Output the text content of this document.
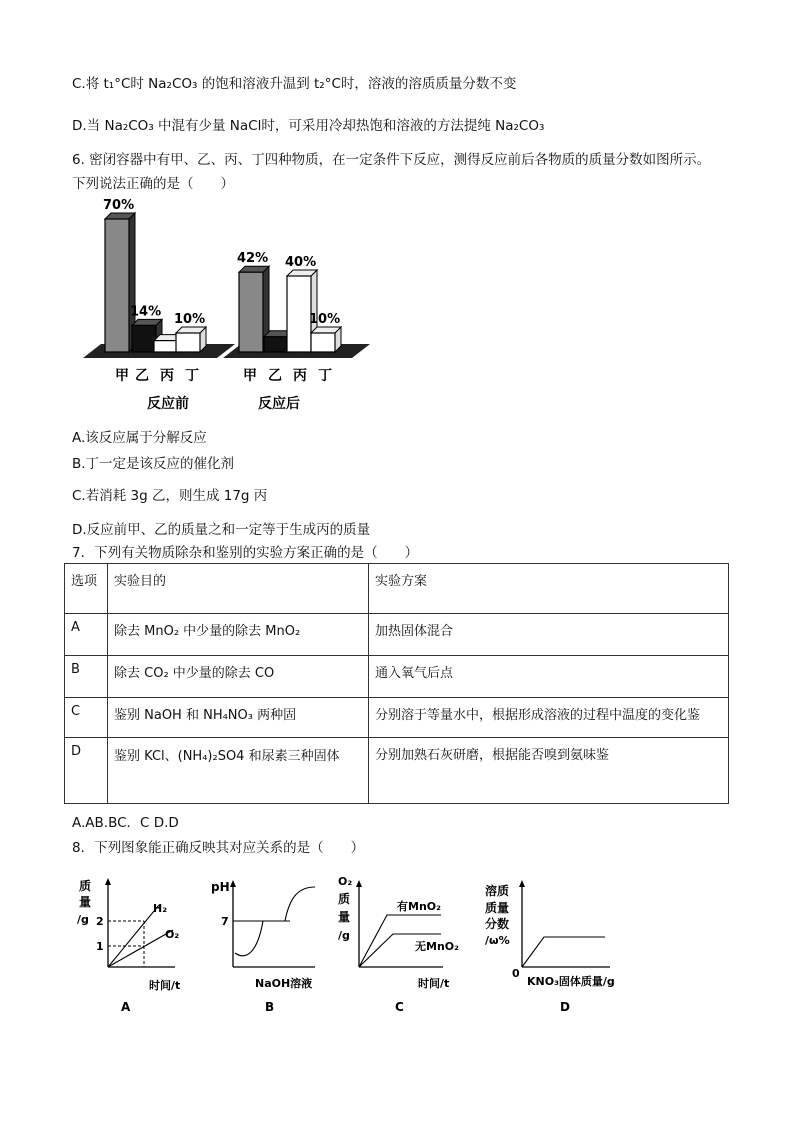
C.将 t₁°C时 Na₂CO₃ 的饱和溶液升温到 t₂°C时，溶液的溶质质量分数不变
D.当 Na₂CO₃ 中混有少量 NaCl时，可采用冷却热饱和溶液的方法提纯 Na₂CO₃
6. 密闭容器中有甲、乙、丙、丁四种物质，在一定条件下反应，测得反应前后各物质的质量分数如图所示。
下列说法正确的是（　　）
70%
14%
10%
42% 40%
10%
甲 乙 丙 丁	甲 乙 丙 丁
反应前	反应后
A.该反应属于分解反应
B.丁一定是该反应的催化剂
C.若消耗 3g 乙，则生成 17g 丙
D.反应前甲、乙的质量之和一定等于生成丙的质量
7．下列有关物质除杂和鉴别的实验方案正确的是（　　）
选项	实验目的	实验方案
A	除去 MnO₂ 中少量的除去 MnO₂	加热固体混合
B	除去 CO₂ 中少量的除去 CO	通入氧气后点
C	鉴别 NaOH 和 NH₄NO₃ 两种固	分别溶于等量水中，根据形成溶液的过程中温度的变化鉴
D	鉴别 KCl、(NH₄)₂SO4 和尿素三种固体	分别加熟石灰研磨，根据能否嗅到氨味鉴
A.AB.BC．C D.D
8．下列图象能正确反映其对应关系的是（　　）
质
量
/g 2
1
H₂
O₂
时间/t
A
pH
7
NaOH溶液
B
O₂
质
量
/g
有MnO₂
无MnO₂
时间/t
C
溶质
质量
分数
/ω%
0
KNO₃固体质量/g
D
